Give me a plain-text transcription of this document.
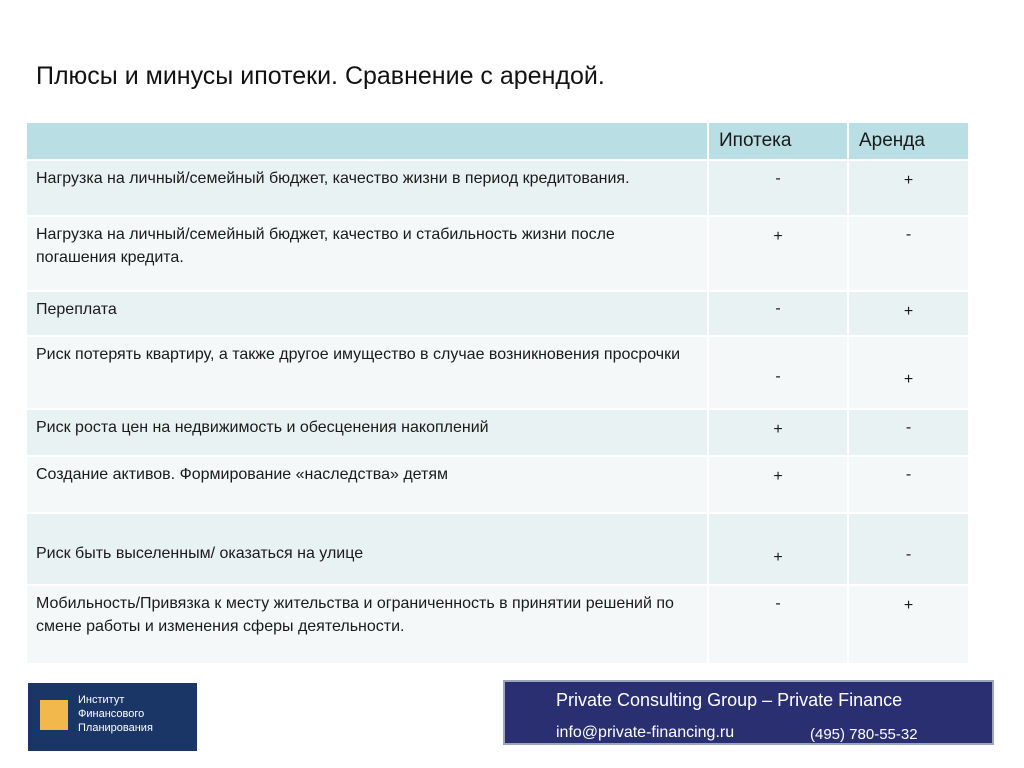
Плюсы и минусы ипотеки. Сравнение с арендой.

	Ипотека	Аренда

Нагрузка на личный/семейный бюджет, качество жизни в период кредитования.	-	+

Нагрузка на личный/семейный бюджет, качество и стабильность жизни после погашения кредита.	+	-

Переплата	-	+

Риск потерять квартиру, а также другое имущество в случае возникновения просрочки	-	+

Риск роста цен на недвижимость и обесценения накоплений	+	-

Создание активов. Формирование «наследства» детям	+	-

Риск быть выселенным/ оказаться на улице	+	-

Мобильность/Привязка к месту жительства и ограниченность в принятии решений по смене работы и изменения сферы деятельности.	-	+
Институт
Финансового
Планирования
Private Consulting Group – Private Finance
info@private-financing.ru	(495) 780-55-32
